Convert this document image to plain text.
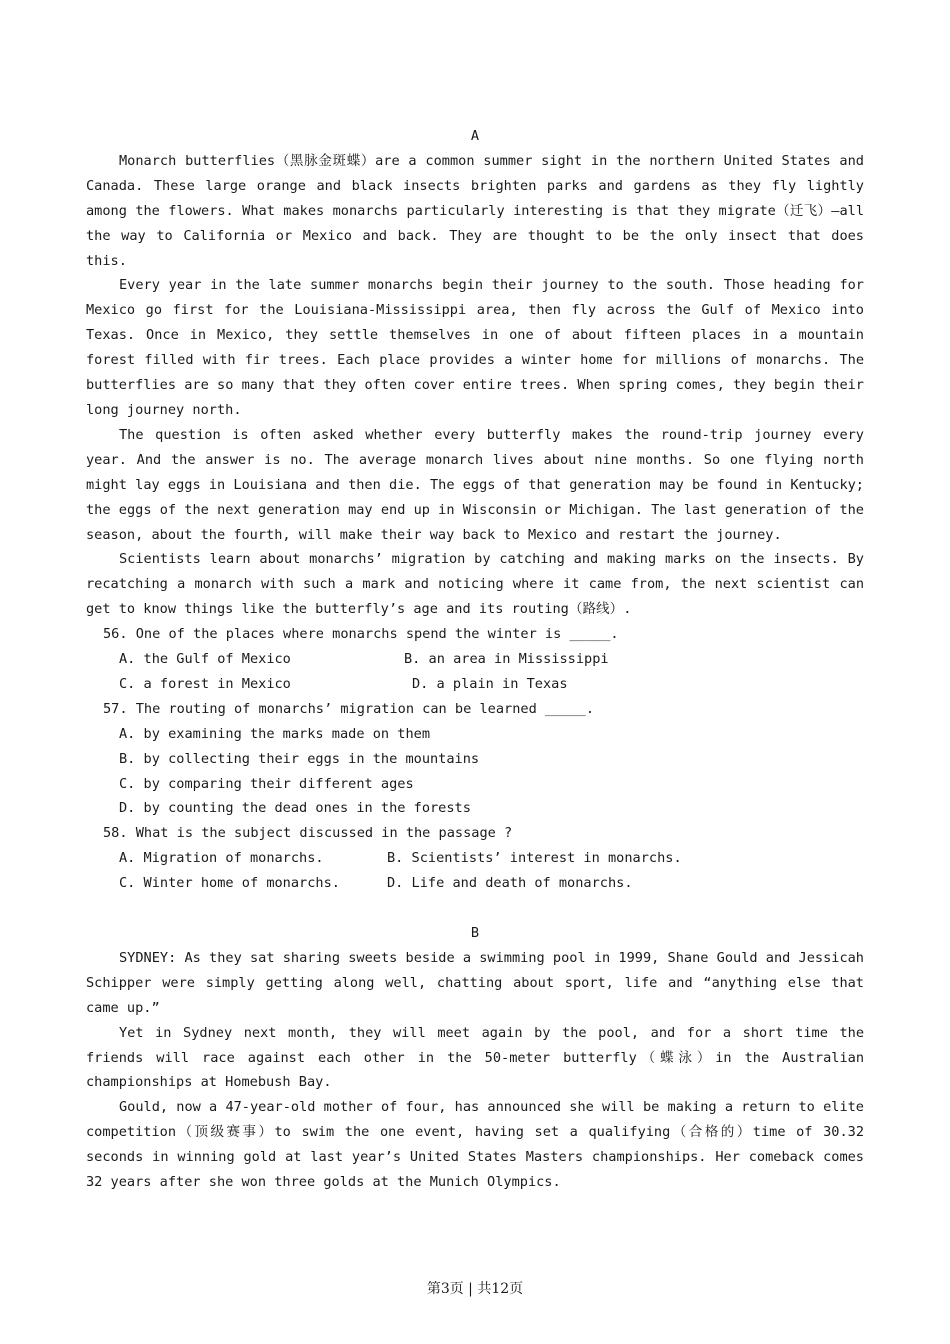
A

Monarch butterflies（黑脉金斑蝶）are a common summer sight in the northern United States and Canada. These large orange and black insects brighten parks and gardens as they fly lightly among the flowers. What makes monarchs particularly interesting is that they migrate（迁飞）—all the way to California or Mexico and back. They are thought to be the only insect that does this.

Every year in the late summer monarchs begin their journey to the south. Those heading for Mexico go first for the Louisiana-Mississippi area, then fly across the Gulf of Mexico into Texas. Once in Mexico, they settle themselves in one of about fifteen places in a mountain forest filled with fir trees. Each place provides a winter home for millions of monarchs. The butterflies are so many that they often cover entire trees. When spring comes, they begin their long journey north.

The question is often asked whether every butterfly makes the round-trip journey every year. And the answer is no. The average monarch lives about nine months. So one flying north might lay eggs in Louisiana and then die. The eggs of that generation may be found in Kentucky; the eggs of the next generation may end up in Wisconsin or Michigan. The last generation of the season, about the fourth, will make their way back to Mexico and restart the journey.

Scientists learn about monarchs’ migration by catching and making marks on the insects. By recatching a monarch with such a mark and noticing where it came from, the next scientist can get to know things like the butterfly’s age and its routing（路线）.

56. One of the places where monarchs spend the winter is _____.

A. the Gulf of Mexico	B. an area in Mississippi
C. a forest in Mexico	D. a plain in Texas

57. The routing of monarchs’ migration can be learned _____.

A. by examining the marks made on them

B. by collecting their eggs in the mountains

C. by comparing their different ages

D. by counting the dead ones in the forests

58. What is the subject discussed in the passage ?

A. Migration of monarchs.	B. Scientists’ interest in monarchs.
C. Winter home of monarchs.	D. Life and death of monarchs.

B

SYDNEY: As they sat sharing sweets beside a swimming pool in 1999, Shane Gould and Jessicah Schipper were simply getting along well, chatting about sport, life and “anything else that came up.”

Yet in Sydney next month, they will meet again by the pool, and for a short time the friends will race against each other in the 50-meter butterfly（蝶泳）in the Australian championships at Homebush Bay.

Gould, now a 47-year-old mother of four, has announced she will be making a return to elite competition（顶级赛事）to swim the one event, having set a qualifying（合格的）time of 30.32 seconds in winning gold at last year’s United States Masters championships. Her comeback comes 32 years after she won three golds at the Munich Olympics.

第3页 | 共12页
